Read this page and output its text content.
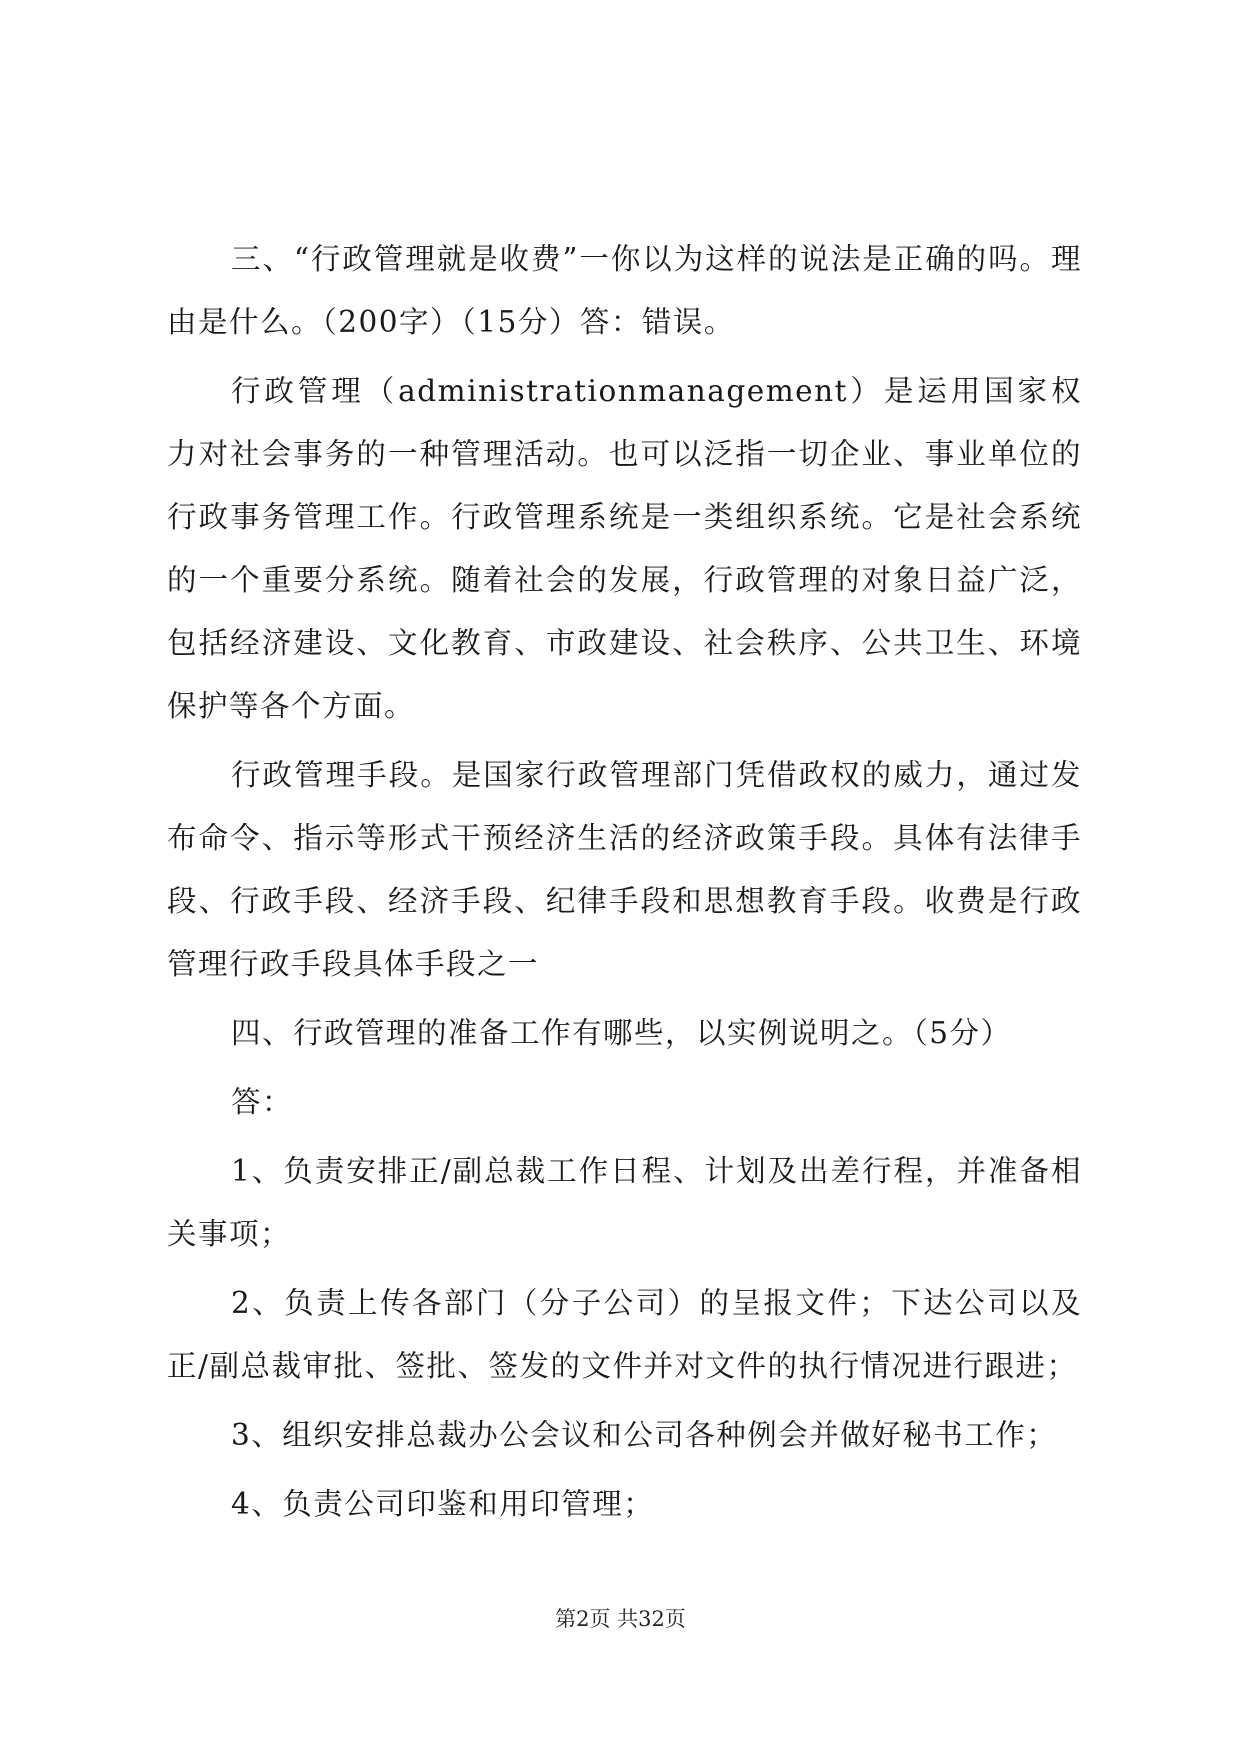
三、“行政管理就是收费”一你以为这样的说法是正确的吗。理由是什么。（200字）（15分）答：错误。

行政管理（administrationmanagement）是运用国家权力对社会事务的一种管理活动。也可以泛指一切企业、事业单位的行政事务管理工作。行政管理系统是一类组织系统。它是社会系统的一个重要分系统。随着社会的发展，行政管理的对象日益广泛，包括经济建设、文化教育、市政建设、社会秩序、公共卫生、环境保护等各个方面。

行政管理手段。是国家行政管理部门凭借政权的威力，通过发布命令、指示等形式干预经济生活的经济政策手段。具体有法律手段、行政手段、经济手段、纪律手段和思想教育手段。收费是行政管理行政手段具体手段之一

四、行政管理的准备工作有哪些，以实例说明之。（5分）

答：

1、负责安排正/副总裁工作日程、计划及出差行程，并准备相关事项；

2、负责上传各部门（分子公司）的呈报文件；下达公司以及正/副总裁审批、签批、签发的文件并对文件的执行情况进行跟进；

3、组织安排总裁办公会议和公司各种例会并做好秘书工作；

4、负责公司印鉴和用印管理；

第2页 共32页
